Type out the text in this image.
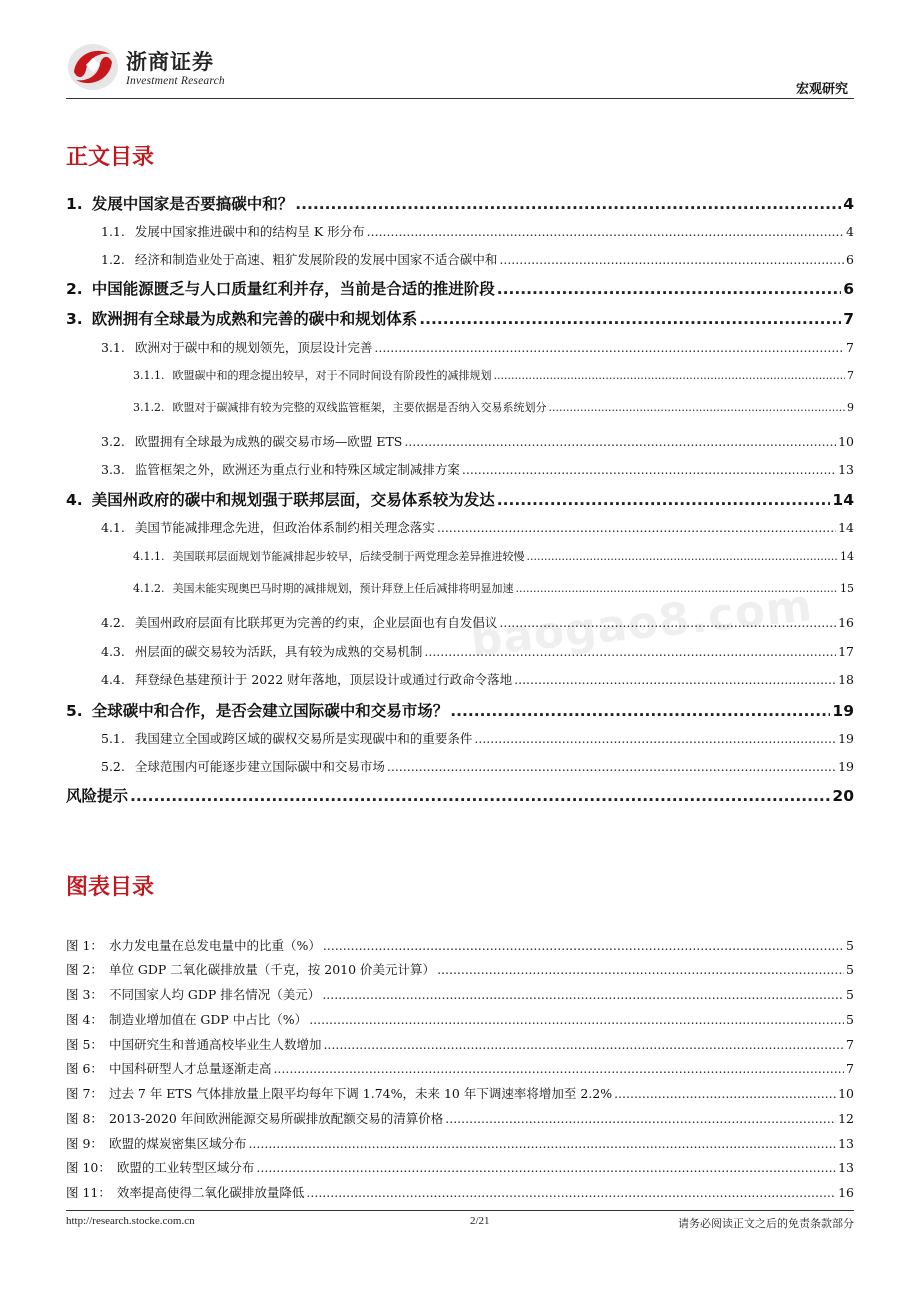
浙商证券
Investment Research
宏观研究
正文目录
1. 发展中国家是否要搞碳中和？ .....	4
1.1. 发展中国家推进碳中和的结构呈 K 形分布 .....	4
1.2. 经济和制造业处于高速、粗犷发展阶段的发展中国家不适合碳中和 .....	6
2. 中国能源匮乏与人口质量红利并存，当前是合适的推进阶段 .....	6
3. 欧洲拥有全球最为成熟和完善的碳中和规划体系 .....	7
3.1. 欧洲对于碳中和的规划领先，顶层设计完善 .....	7
3.1.1. 欧盟碳中和的理念提出较早，对于不同时间设有阶段性的减排规划 .....	7
3.1.2. 欧盟对于碳减排有较为完整的双线监管框架，主要依据是否纳入交易系统划分 .....	9
3.2. 欧盟拥有全球最为成熟的碳交易市场—欧盟 ETS .....	10
3.3. 监管框架之外，欧洲还为重点行业和特殊区域定制减排方案 .....	13
4. 美国州政府的碳中和规划强于联邦层面，交易体系较为发达 .....	14
4.1. 美国节能减排理念先进，但政治体系制约相关理念落实 .....	14
4.1.1. 美国联邦层面规划节能减排起步较早，后续受制于两党理念差异推进较慢 .....	14
4.1.2. 美国未能实现奥巴马时期的减排规划，预计拜登上任后减排将明显加速 .....	15
4.2. 美国州政府层面有比联邦更为完善的约束，企业层面也有自发倡议 .....	16
4.3. 州层面的碳交易较为活跃，具有较为成熟的交易机制 .....	17
4.4. 拜登绿色基建预计于 2022 财年落地，顶层设计或通过行政命令落地 .....	18
5. 全球碳中和合作，是否会建立国际碳中和交易市场？ .....	19
5.1. 我国建立全国或跨区域的碳权交易所是实现碳中和的重要条件 .....	19
5.2. 全球范围内可能逐步建立国际碳中和交易市场 .....	19
风险提示 .....	20
baogao8.com
图表目录
图 1： 水力发电量在总发电量中的比重（%） .....	5
图 2： 单位 GDP 二氧化碳排放量（千克，按 2010 价美元计算） .....	5
图 3： 不同国家人均 GDP 排名情况（美元） .....	5
图 4： 制造业增加值在 GDP 中占比（%） .....	5
图 5： 中国研究生和普通高校毕业生人数增加 .....	7
图 6： 中国科研型人才总量逐渐走高 .....	7
图 7： 过去 7 年 ETS 气体排放量上限平均每年下调 1.74%，未来 10 年下调速率将增加至 2.2% .....	10
图 8： 2013-2020 年间欧洲能源交易所碳排放配额交易的清算价格 .....	12
图 9： 欧盟的煤炭密集区域分布 .....	13
图 10： 欧盟的工业转型区域分布 .....	13
图 11： 效率提高使得二氧化碳排放量降低 .....	16
http://research.stocke.com.cn	2/21	请务必阅读正文之后的免责条款部分
